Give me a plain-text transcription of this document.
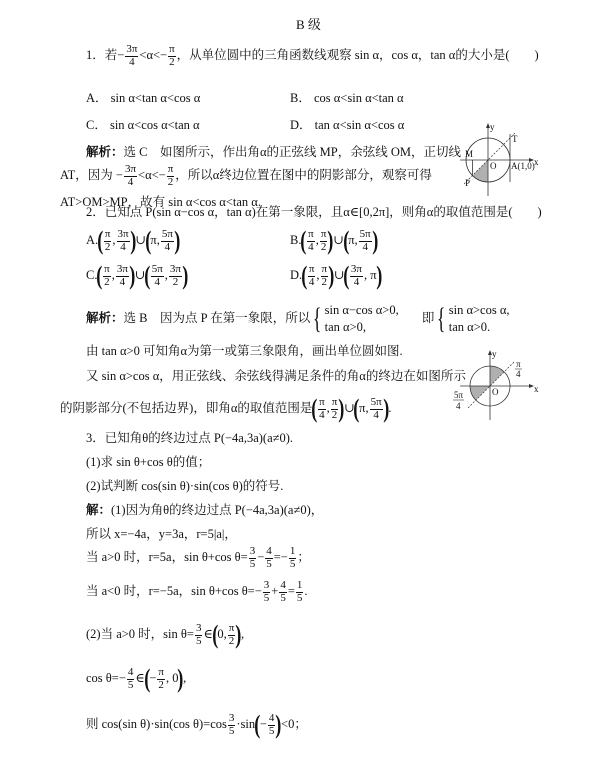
B 级
1．若− $\frac{3\pi}{4} <\alpha<- \frac{\pi}{2}$ ，从单位圆中的三角函数线观察 sin α，cos α，tan α的大小是(　　)
A． sin α<tan α<cos α	B． cos α<sin α<tan α
C． sin α<cos α<tan α	D． tan α<sin α<cos α
解析：选 C　如图所示，作出角α的正弦线 MP，余弦线 OM，正切线
AT，因为 − $\frac{3\pi}{4} <\alpha<- \frac{\pi}{2}$ ，所以α终边位置在图中的阴影部分，观察可得
AT>OM>MP，故有 sin α<cos α<tan α.
y
x
M
O
T
P
A(1,0)
2．已知点 P(sin α−cos α，tan α)在第一象限，且α∈[0,2π]，则角α的取值范围是(　　)
$A.( \frac{\pi}{2}$ , $\frac{3\pi}{4}$ )∪(π, $\frac{5\pi}{4}$ )	$B.( \frac{\pi}{4}$ , $\frac{\pi}{2}$ )∪(π, $\frac{5\pi}{4}$ )
$C.( \frac{\pi}{2}$ , $\frac{3\pi}{4}$ )∪( $\frac{5\pi}{4}$ , $\frac{3\pi}{2}$ )	$D.( \frac{\pi}{4}$ , $\frac{\pi}{2}$ )∪( $\frac{3\pi}{4}$ , π)
解析：选 B　因为点 P 在第一象限，所以 { sin α−cos α>0,
tan α>0,
即 { sin α>cos α,
tan α>0.
由 tan α>0 可知角α为第一或第三象限角，画出单位圆如图.
又 sin α>cos α，用正弦线、余弦线得满足条件的角α的终边在如图所示
的阴影部分(不包括边界)，即角α的取值范围是( $\frac{\pi}{4}$ , $\frac{\pi}{2}$ )∪(π, $\frac{5\pi}{4}$ ).
y
x
O
π
4
5π
4
3．已知角θ的终边过点 P(−4a,3a)(a≠0).
(1)求 sin θ+cos θ的值；
(2)试判断 cos(sin θ)·sin(cos θ)的符号.
解：(1)因为角θ的终边过点 P(−4a,3a)(a≠0)，
所以 x=−4a，y=3a，r=5|a|，
当 a>0 时，r=5a，sin θ+cos $\theta= \frac{3}{5} - \frac{4}{5} =- \frac{1}{5}$ ；
当 a<0 时，r=−5a，sin θ+cos $\theta=- \frac{3}{5} + \frac{4}{5} = \frac{1}{5}$ .
(2)当 a>0 时，$\sin \theta= \frac{3}{5}$ ∈(0, $\frac{\pi}{2}$ ),
$\cos \theta=- \frac{4}{5}$ ∈(− $\frac{\pi}{2}$ , 0),
则 cos(sin θ)·sin(cos $\theta)=\cos \frac{3}{5} \cdot\sin(- \frac{4}{5} )<0$；
